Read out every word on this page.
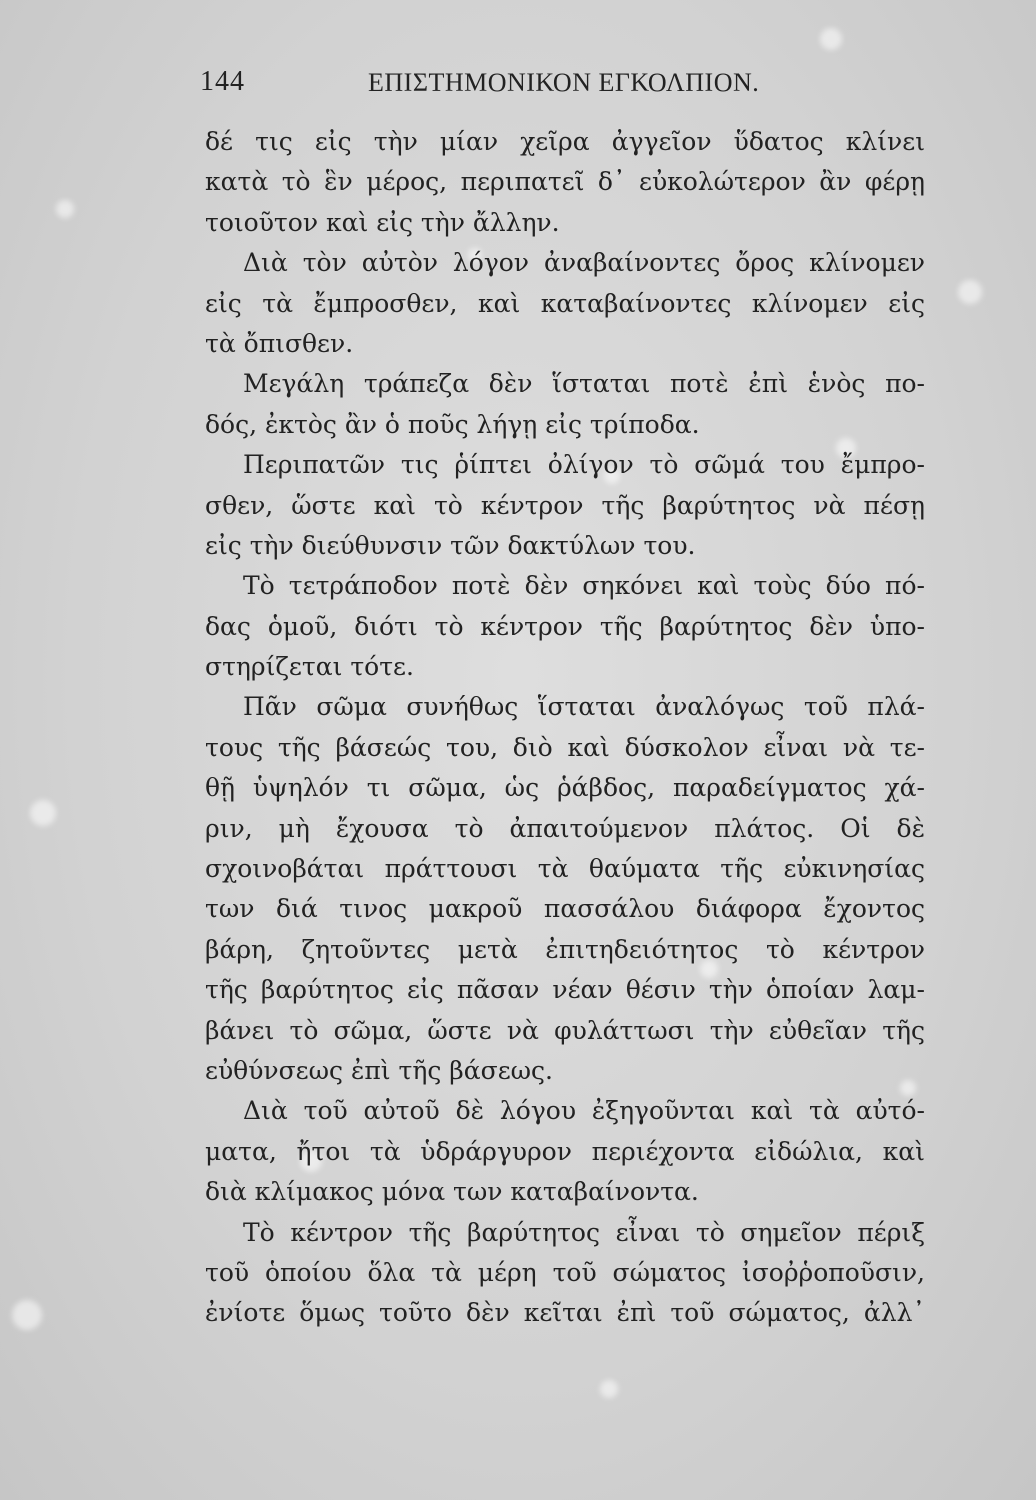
144	ΕΠΙΣΤΗΜΟΝΙΚΟΝ ΕΓΚΟΛΠΙΟΝ.
δέ τις εἰς τὴν μίαν χεῖρα ἀγγεῖον ὕδατος κλίνει
κατὰ τὸ ἓν μέρος, περιπατεῖ δ᾽ εὐκολώτερον ἂν φέρῃ
τοιοῦτον καὶ εἰς τὴν ἄλλην.
Διὰ τὸν αὐτὸν λόγον ἀναβαίνοντες ὄρος κλίνομεν
εἰς τὰ ἔμπροσθεν, καὶ καταβαίνοντες κλίνομεν εἰς
τὰ ὄπισθεν.
Μεγάλη τράπεζα δὲν ἵσταται ποτὲ ἐπὶ ἑνὸς πο-
δός, ἐκτὸς ἂν ὁ ποῦς λήγῃ εἰς τρίποδα.
Περιπατῶν τις ῥίπτει ὀλίγον τὸ σῶμά του ἔμπρο-
σθεν, ὥστε καὶ τὸ κέντρον τῆς βαρύτητος νὰ πέσῃ
εἰς τὴν διεύθυνσιν τῶν δακτύλων του.
Τὸ τετράποδον ποτὲ δὲν σηκόνει καὶ τοὺς δύο πό-
δας ὁμοῦ, διότι τὸ κέντρον τῆς βαρύτητος δὲν ὑπο-
στηρίζεται τότε.
Πᾶν σῶμα συνήθως ἵσταται ἀναλόγως τοῦ πλά-
τους τῆς βάσεώς του, διὸ καὶ δύσκολον εἶναι νὰ τε-
θῇ ὑψηλόν τι σῶμα, ὡς ῥάβδος, παραδείγματος χά-
ριν, μὴ ἔχουσα τὸ ἀπαιτούμενον πλάτος. Οἱ δὲ
σχοινοβάται πράττουσι τὰ θαύματα τῆς εὐκινησίας
των διά τινος μακροῦ πασσάλου διάφορα ἔχοντος
βάρη, ζητοῦντες μετὰ ἐπιτηδειότητος τὸ κέντρον
τῆς βαρύτητος εἰς πᾶσαν νέαν θέσιν τὴν ὁποίαν λαμ-
βάνει τὸ σῶμα, ὥστε νὰ φυλάττωσι τὴν εὐθεῖαν τῆς
εὐθύνσεως ἐπὶ τῆς βάσεως.
Διὰ τοῦ αὐτοῦ δὲ λόγου ἐξηγοῦνται καὶ τὰ αὐτό-
ματα, ἤτοι τὰ ὑδράργυρον περιέχοντα εἰδώλια, καὶ
διὰ κλίμακος μόνα των καταβαίνοντα.
Τὸ κέντρον τῆς βαρύτητος εἶναι τὸ σημεῖον πέριξ
τοῦ ὁποίου ὅλα τὰ μέρη τοῦ σώματος ἰσοῤῥοποῦσιν,
ἐνίοτε ὅμως τοῦτο δὲν κεῖται ἐπὶ τοῦ σώματος, ἀλλ᾽
